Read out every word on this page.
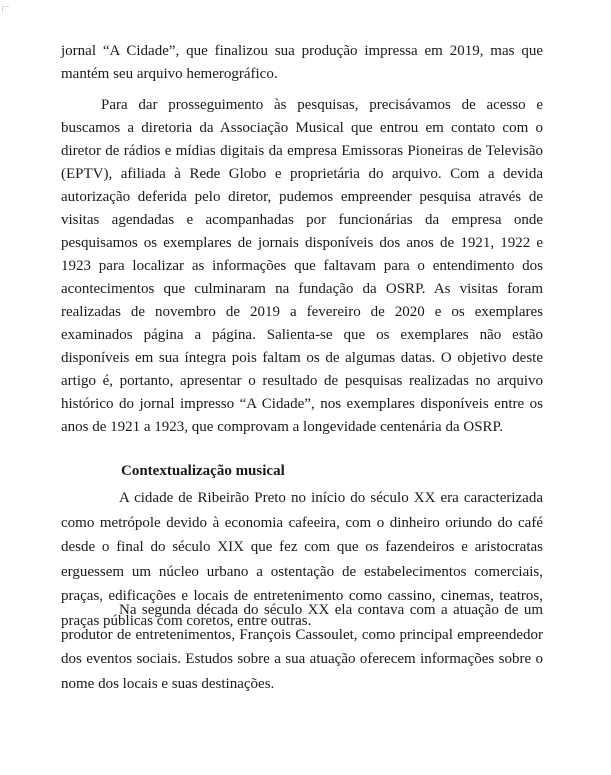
jornal “A Cidade”, que finalizou sua produção impressa em 2019, mas que mantém seu arquivo hemerográfico.

Para dar prosseguimento às pesquisas, precisávamos de acesso e buscamos a diretoria da Associação Musical que entrou em contato com o diretor de rádios e mídias digitais da empresa Emissoras Pioneiras de Televisão (EPTV), afiliada à Rede Globo e proprietária do arquivo. Com a devida autorização deferida pelo diretor, pudemos empreender pesquisa através de visitas agendadas e acompanhadas por funcionárias da empresa onde pesquisamos os exemplares de jornais disponíveis dos anos de 1921, 1922 e 1923 para localizar as informações que faltavam para o entendimento dos acontecimentos que culminaram na fundação da OSRP. As visitas foram realizadas de novembro de 2019 a fevereiro de 2020 e os exemplares examinados página a página. Salienta-se que os exemplares não estão disponíveis em sua íntegra pois faltam os de algumas datas. O objetivo deste artigo é, portanto, apresentar o resultado de pesquisas realizadas no arquivo histórico do jornal impresso “A Cidade”, nos exemplares disponíveis entre os anos de 1921 a 1923, que comprovam a longevidade centenária da OSRP.

Contextualização musical

A cidade de Ribeirão Preto no início do século XX era caracterizada como metrópole devido à economia cafeeira, com o dinheiro oriundo do café desde o final do século XIX que fez com que os fazendeiros e aristocratas erguessem um núcleo urbano a ostentação de estabelecimentos comerciais, praças, edificações e locais de entretenimento como cassino, cinemas, teatros, praças públicas com coretos, entre outras.

Na segunda década do século XX ela contava com a atuação de um produtor de entretenimentos, François Cassoulet, como principal empreendedor dos eventos sociais. Estudos sobre a sua atuação oferecem informações sobre o nome dos locais e suas destinações.
